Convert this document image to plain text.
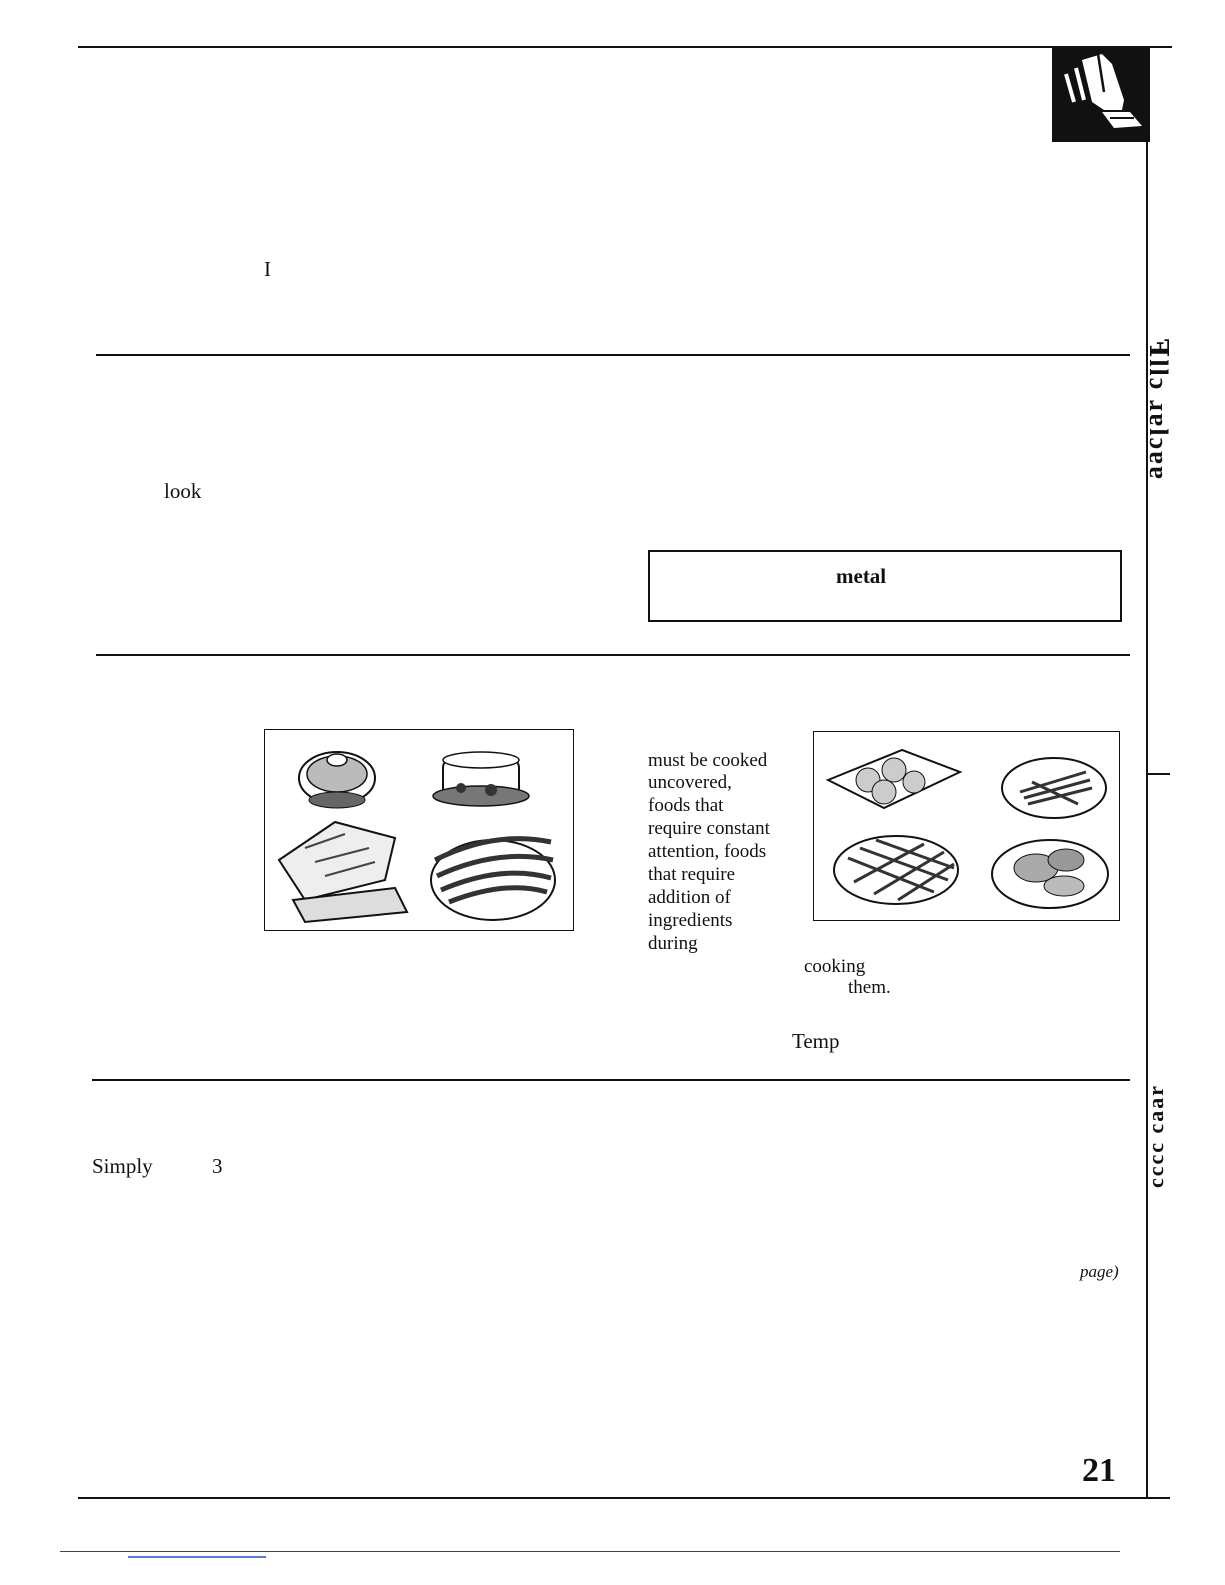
ꟻllɔ ɹɐlɔɐɐ
ɹɐɐɔ ɔɔɔɔ
I
look
metal
must be cooked
uncovered,
foods that
require constant
attention, foods
that require
addition of
ingredients
during
cooking
them.
Temp
Simply	3
page)
21
